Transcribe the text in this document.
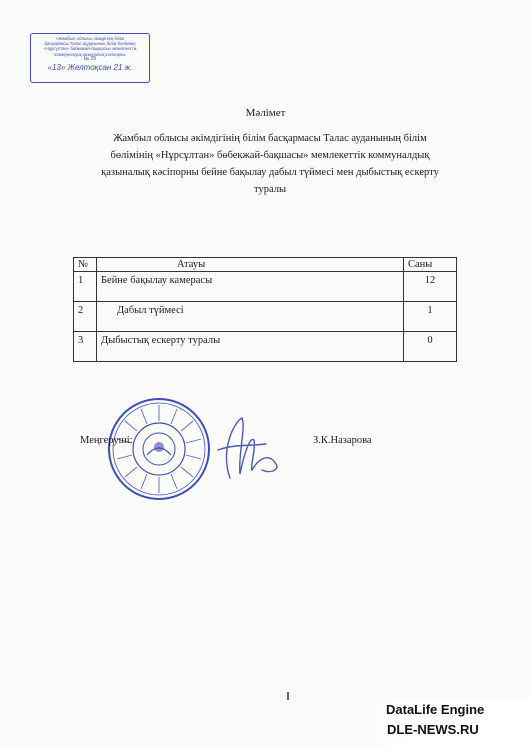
«Жамбыл облысы әкімдігінің білім
басқармасы Талас ауданының білім бөлімінің
«Нұрсұлтан» бөбекжай-бақшасы» мемлекеттік
коммуналдық қазыналық кәсіпорны
№ 25
«13» Желтоқсан 21 ж.
Мәлімет
Жамбыл облысы әкімдігінің білім басқармасы Талас ауданының білім бөлімінің «Нұрсұлтан» бөбекжай-бақшасы» мемлекеттік коммуналдық қазыналық кәсіпорны бейне бақылау дабыл түймесі мен дыбыстық ескерту туралы
№	Атауы	Саны
1	Бейне бақылау камерасы	12
2	Дабыл түймесі	1
3	Дыбыстық ескерту туралы	0
Меңгеруші:	З.К.Назарова
DataLife Engine
DLE-NEWS.RU
